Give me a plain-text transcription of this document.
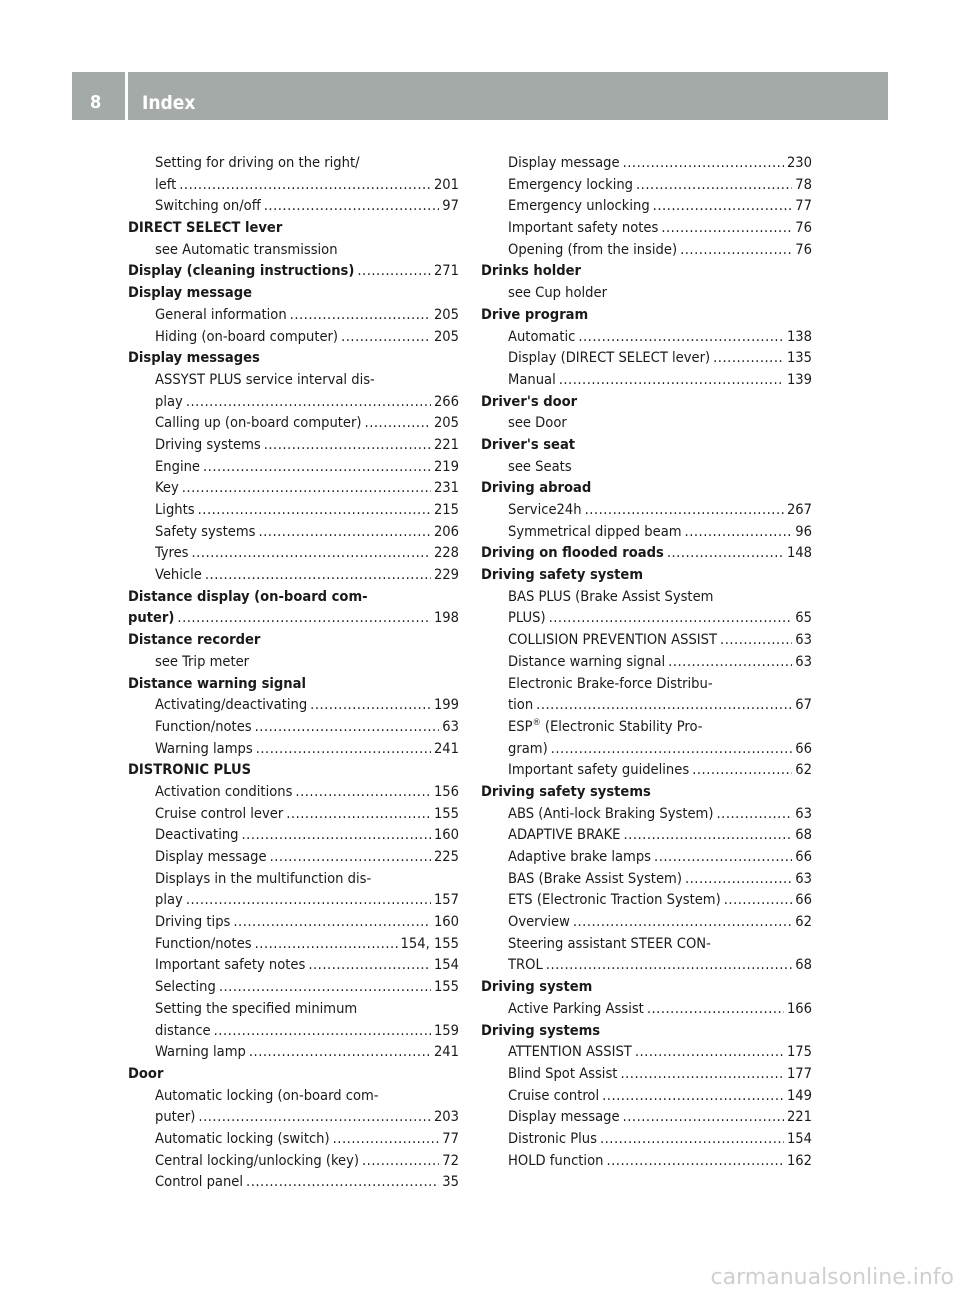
8	Index
Setting for driving on the right/
left .....	201
Switching on/off .....	97
DIRECT SELECT lever
see Automatic transmission
Display (cleaning instructions) .....	271
Display message
General information .....	205
Hiding (on-board computer) .....	205
Display messages
ASSYST PLUS service interval dis-
play .....	266
Calling up (on-board computer) .....	205
Driving systems .....	221
Engine .....	219
Key .....	231
Lights .....	215
Safety systems .....	206
Tyres .....	228
Vehicle .....	229
Distance display (on-board com-
puter) .....	198
Distance recorder
see Trip meter
Distance warning signal
Activating/deactivating .....	199
Function/notes .....	63
Warning lamps .....	241
DISTRONIC PLUS
Activation conditions .....	156
Cruise control lever .....	155
Deactivating .....	160
Display message .....	225
Displays in the multifunction dis-
play .....	157
Driving tips .....	160
Function/notes .....	154, 155
Important safety notes .....	154
Selecting .....	155
Setting the specified minimum
distance .....	159
Warning lamp .....	241
Door
Automatic locking (on-board com-
puter) .....	203
Automatic locking (switch) .....	77
Central locking/unlocking (key) .....	72
Control panel .....	35
Display message .....	230
Emergency locking .....	78
Emergency unlocking .....	77
Important safety notes .....	76
Opening (from the inside) .....	76
Drinks holder
see Cup holder
Drive program
Automatic .....	138
Display (DIRECT SELECT lever) .....	135
Manual .....	139
Driver's door
see Door
Driver's seat
see Seats
Driving abroad
Service24h .....	267
Symmetrical dipped beam .....	96
Driving on flooded roads .....	148
Driving safety system
BAS PLUS (Brake Assist System
PLUS) .....	65
COLLISION PREVENTION ASSIST .....	63
Distance warning signal .....	63
Electronic Brake-force Distribu-
tion .....	67
ESP® (Electronic Stability Pro-
gram) .....	66
Important safety guidelines .....	62
Driving safety systems
ABS (Anti-lock Braking System) .....	63
ADAPTIVE BRAKE .....	68
Adaptive brake lamps .....	66
BAS (Brake Assist System) .....	63
ETS (Electronic Traction System) .....	66
Overview .....	62
Steering assistant STEER CON-
TROL .....	68
Driving system
Active Parking Assist .....	166
Driving systems
ATTENTION ASSIST .....	175
Blind Spot Assist .....	177
Cruise control .....	149
Display message .....	221
Distronic Plus .....	154
HOLD function .....	162
carmanualsonline.info
